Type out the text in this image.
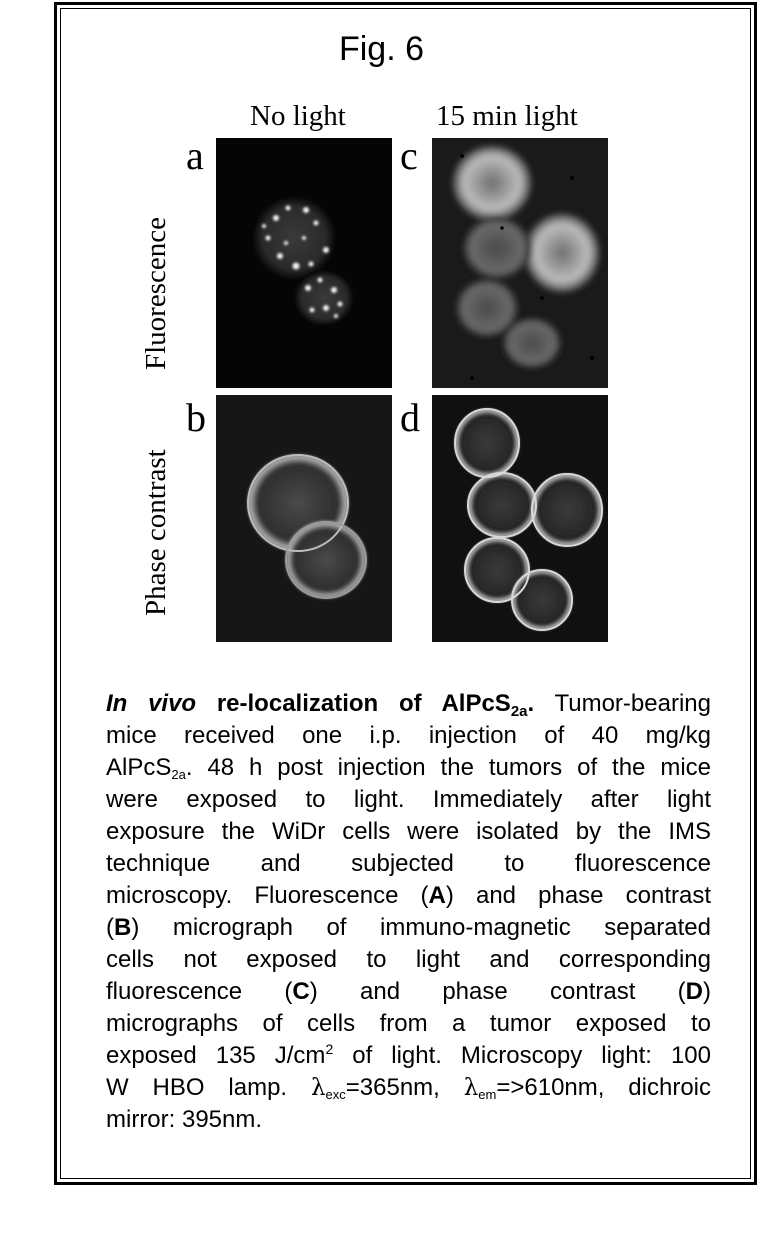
Fig. 6
No light	15 min light
Fluorescence
Phase contrast
a	c
b	d
In vivo re-localization of AlPcS$_{2a}$. Tumor-bearing
mice received one i.p. injection of 40 mg/kg
AlPcS2a. 48 h post injection the tumors of the mice
were exposed to light. Immediately after light
exposure the WiDr cells were isolated by the IMS
technique and subjected to fluorescence
microscopy. Fluorescence (A) and phase contrast
(B) micrograph of immuno-magnetic separated
cells not exposed to light and corresponding
fluorescence (C) and phase contrast (D)
micrographs of cells from a tumor exposed to
exposed 135 $J/cm^2$ of light. Microscopy light: 100
W HBO lamp. λexc=365nm, λem=>610nm, dichroic
mirror: 395nm.
